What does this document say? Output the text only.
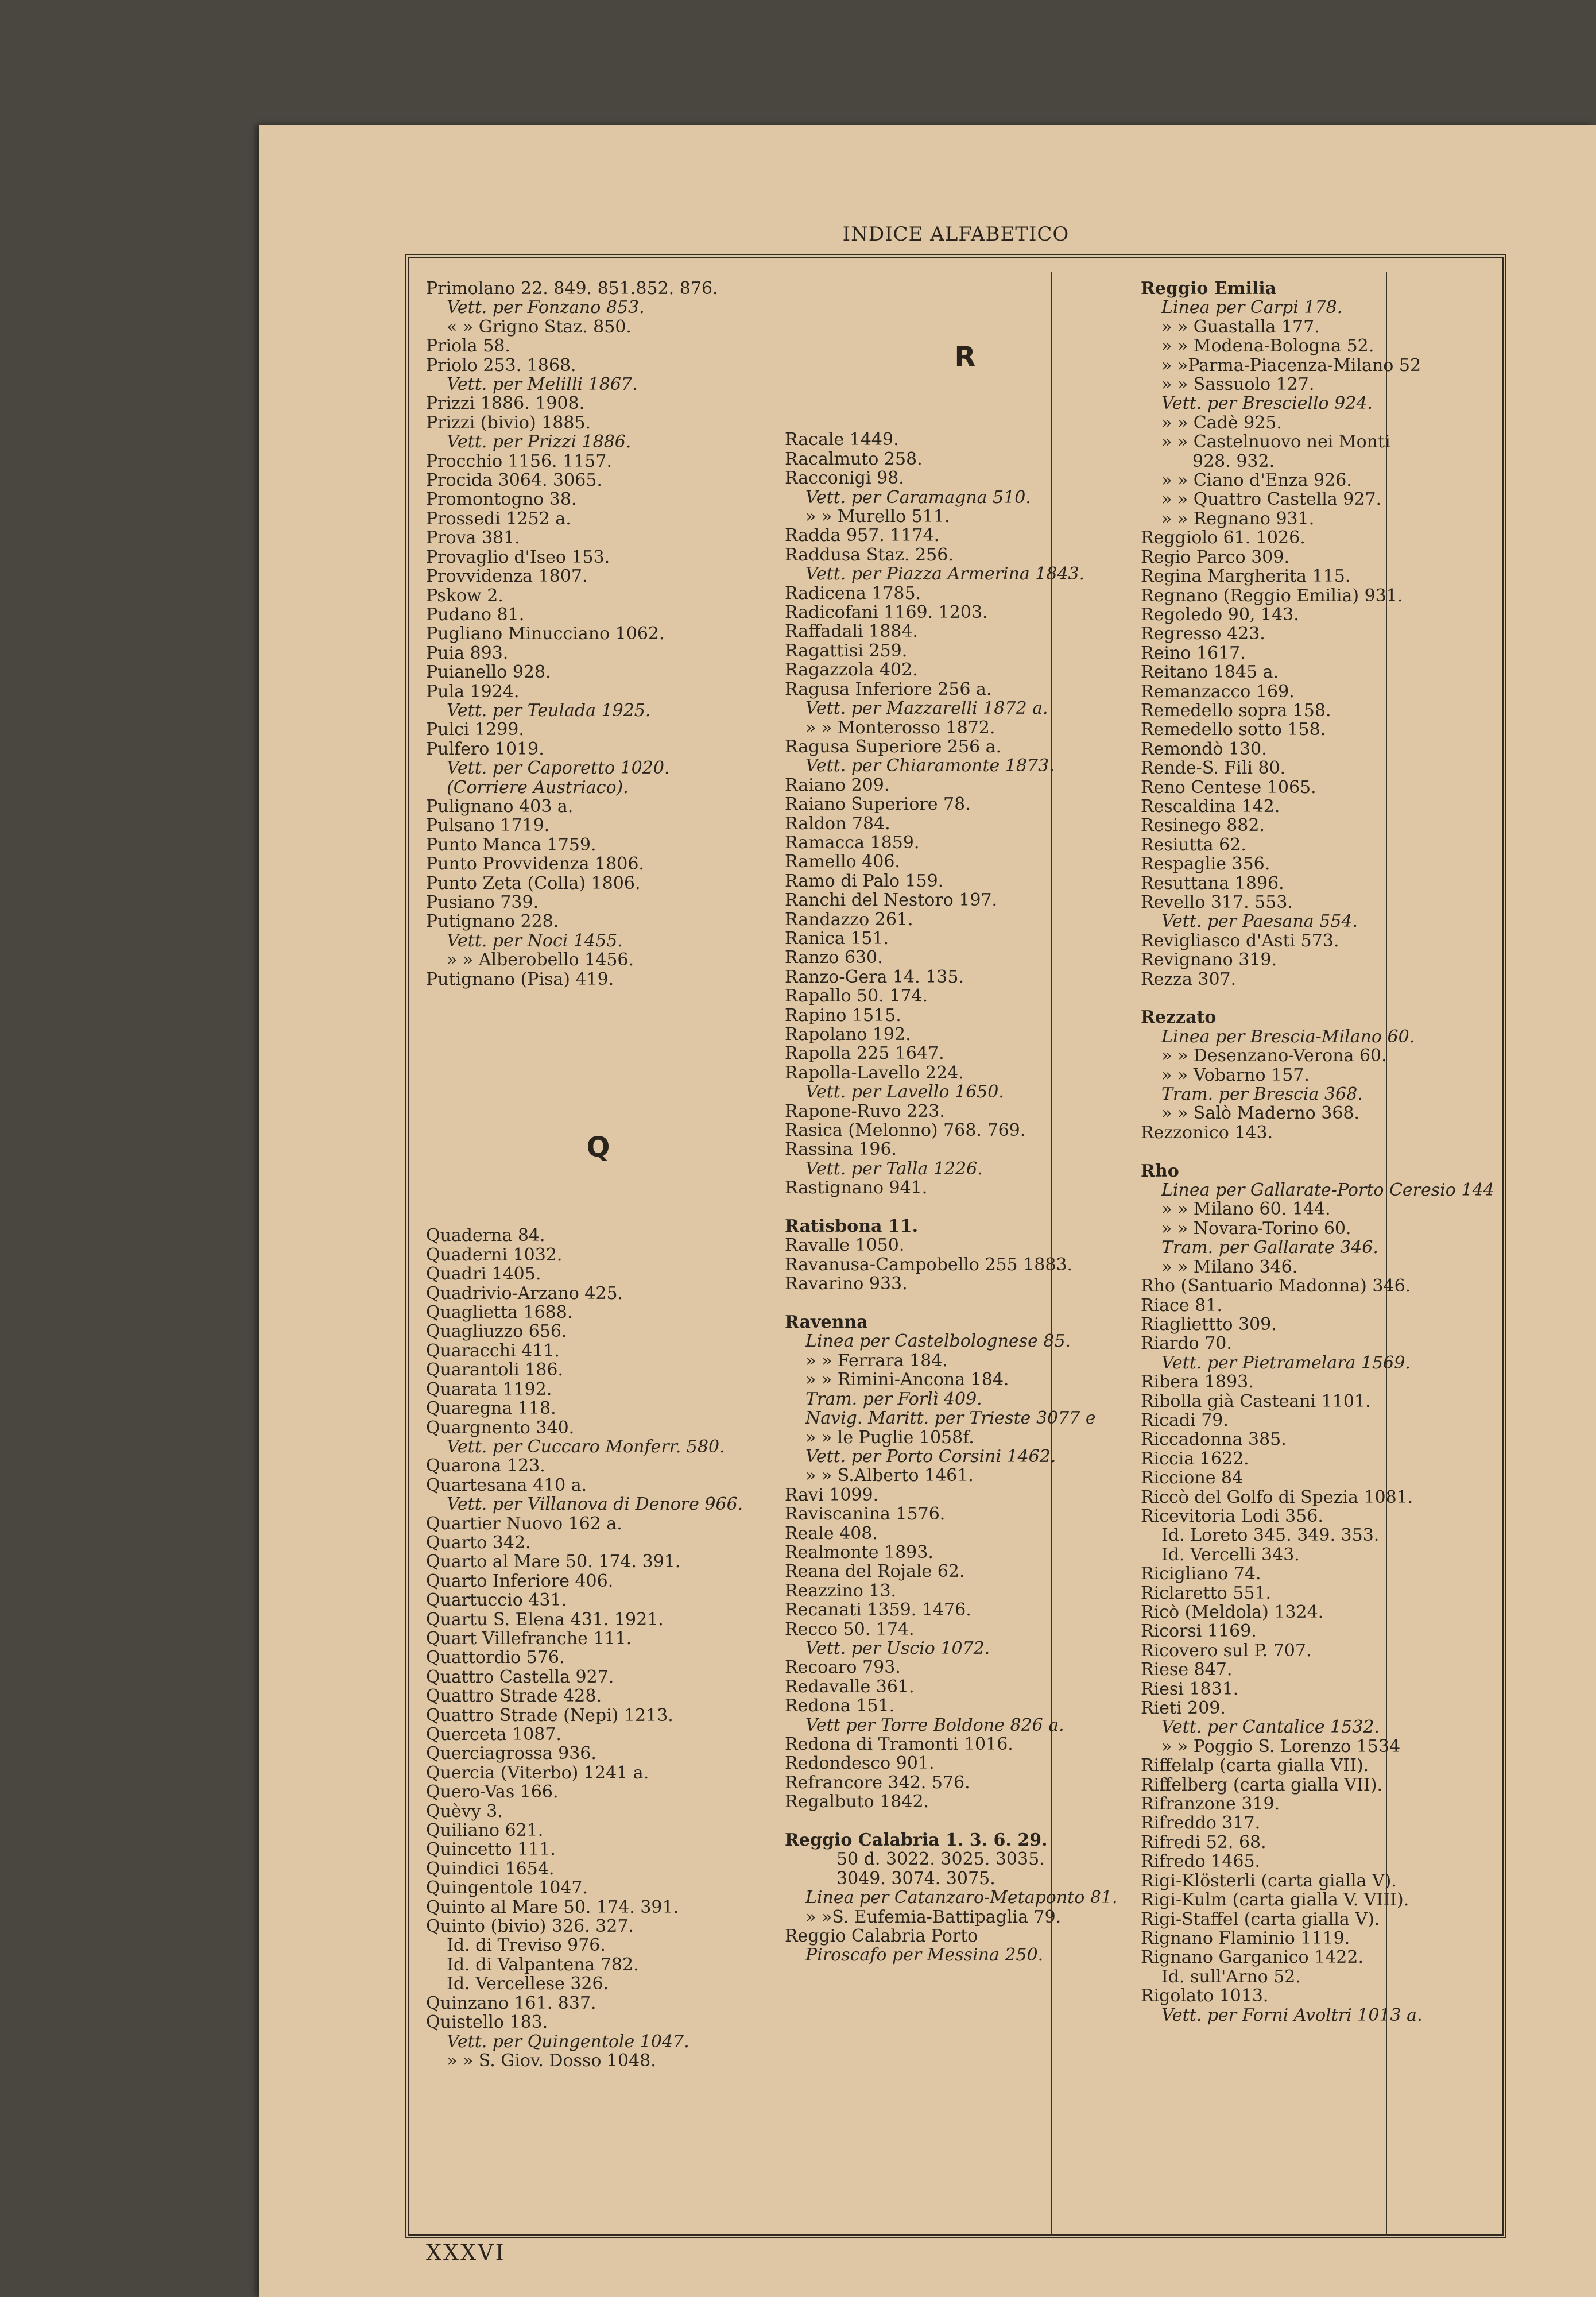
INDICE ALFABETICO
Primolano 22. 849. 851.852. 876.
Vett. per Fonzano 853.
« » Grigno Staz. 850.
Priola 58.
Priolo 253. 1868.
Vett. per Melilli 1867.
Prizzi 1886. 1908.
Prizzi (bivio) 1885.
Vett. per Prizzi 1886.
Procchio 1156. 1157.
Procida 3064. 3065.
Promontogno 38.
Prossedi 1252 a.
Prova 381.
Provaglio d'Iseo 153.
Provvidenza 1807.
Pskow 2.
Pudano 81.
Pugliano Minucciano 1062.
Puia 893.
Puianello 928.
Pula 1924.
Vett. per Teulada 1925.
Pulci 1299.
Pulfero 1019.
Vett. per Caporetto 1020.
(Corriere Austriaco).
Pulignano 403 a.
Pulsano 1719.
Punto Manca 1759.
Punto Provvidenza 1806.
Punto Zeta (Colla) 1806.
Pusiano 739.
Putignano 228.
Vett. per Noci 1455.
» » Alberobello 1456.
Putignano (Pisa) 419.
Q
Quaderna 84.
Quaderni 1032.
Quadri 1405.
Quadrivio-Arzano 425.
Quaglietta 1688.
Quagliuzzo 656.
Quaracchi 411.
Quarantoli 186.
Quarata 1192.
Quaregna 118.
Quargnento 340.
Vett. per Cuccaro Monferr. 580.
Quarona 123.
Quartesana 410 a.
Vett. per Villanova di Denore 966.
Quartier Nuovo 162 a.
Quarto 342.
Quarto al Mare 50. 174. 391.
Quarto Inferiore 406.
Quartuccio 431.
Quartu S. Elena 431. 1921.
Quart Villefranche 111.
Quattordio 576.
Quattro Castella 927.
Quattro Strade 428.
Quattro Strade (Nepi) 1213.
Querceta 1087.
Querciagrossa 936.
Quercia (Viterbo) 1241 a.
Quero-Vas 166.
Quèvy 3.
Quiliano 621.
Quincetto 111.
Quindici 1654.
Quingentole 1047.
Quinto al Mare 50. 174. 391.
Quinto (bivio) 326. 327.
Id. di Treviso 976.
Id. di Valpantena 782.
Id. Vercellese 326.
Quinzano 161. 837.
Quistello 183.
Vett. per Quingentole 1047.
» » S. Giov. Dosso 1048.
R
Racale 1449.
Racalmuto 258.
Racconigi 98.
Vett. per Caramagna 510.
» » Murello 511.
Radda 957. 1174.
Raddusa Staz. 256.
Vett. per Piazza Armerina 1843.
Radicena 1785.
Radicofani 1169. 1203.
Raffadali 1884.
Ragattisi 259.
Ragazzola 402.
Ragusa Inferiore 256 a.
Vett. per Mazzarelli 1872 a.
» » Monterosso 1872.
Ragusa Superiore 256 a.
Vett. per Chiaramonte 1873.
Raiano 209.
Raiano Superiore 78.
Raldon 784.
Ramacca 1859.
Ramello 406.
Ramo di Palo 159.
Ranchi del Nestoro 197.
Randazzo 261.
Ranica 151.
Ranzo 630.
Ranzo-Gera 14. 135.
Rapallo 50. 174.
Rapino 1515.
Rapolano 192.
Rapolla 225 1647.
Rapolla-Lavello 224.
Vett. per Lavello 1650.
Rapone-Ruvo 223.
Rasica (Melonno) 768. 769.
Rassina 196.
Vett. per Talla 1226.
Rastignano 941.
Ratisbona 11.
Ravalle 1050.
Ravanusa-Campobello 255 1883.
Ravarino 933.
Ravenna
Linea per Castelbolognese 85.
» » Ferrara 184.
» » Rimini-Ancona 184.
Tram. per Forlì 409.
Navig. Maritt. per Trieste 3077 e
» » le Puglie 1058f.
Vett. per Porto Corsini 1462.
» » S.Alberto 1461.
Ravi 1099.
Raviscanina 1576.
Reale 408.
Realmonte 1893.
Reana del Rojale 62.
Reazzino 13.
Recanati 1359. 1476.
Recco 50. 174.
Vett. per Uscio 1072.
Recoaro 793.
Redavalle 361.
Redona 151.
Vett per Torre Boldone 826 a.
Redona di Tramonti 1016.
Redondesco 901.
Refrancore 342. 576.
Regalbuto 1842.
Reggio Calabria 1. 3. 6. 29.
50 d. 3022. 3025. 3035.
3049. 3074. 3075.
Linea per Catanzaro-Metaponto 81.
» »S. Eufemia-Battipaglia 79.
Reggio Calabria Porto
Piroscafo per Messina 250.
Reggio Emilia
Linea per Carpi 178.
» » Guastalla 177.
» » Modena-Bologna 52.
» »Parma-Piacenza-Milano 52
» » Sassuolo 127.
Vett. per Bresciello 924.
» » Cadè 925.
» » Castelnuovo nei Monti
928. 932.
» » Ciano d'Enza 926.
» » Quattro Castella 927.
» » Regnano 931.
Reggiolo 61. 1026.
Regio Parco 309.
Regina Margherita 115.
Regnano (Reggio Emilia) 931.
Regoledo 90, 143.
Regresso 423.
Reino 1617.
Reitano 1845 a.
Remanzacco 169.
Remedello sopra 158.
Remedello sotto 158.
Remondò 130.
Rende-S. Fili 80.
Reno Centese 1065.
Rescaldina 142.
Resinego 882.
Resiutta 62.
Respaglie 356.
Resuttana 1896.
Revello 317. 553.
Vett. per Paesana 554.
Revigliasco d'Asti 573.
Revignano 319.
Rezza 307.
Rezzato
Linea per Brescia-Milano 60.
» » Desenzano-Verona 60.
» » Vobarno 157.
Tram. per Brescia 368.
» » Salò Maderno 368.
Rezzonico 143.
Rho
Linea per Gallarate-Porto Ceresio 144
» » Milano 60. 144.
» » Novara-Torino 60.
Tram. per Gallarate 346.
» » Milano 346.
Rho (Santuario Madonna) 346.
Riace 81.
Riagliettto 309.
Riardo 70.
Vett. per Pietramelara 1569.
Ribera 1893.
Ribolla già Casteani 1101.
Ricadi 79.
Riccadonna 385.
Riccia 1622.
Riccione 84
Riccò del Golfo di Spezia 1081.
Ricevitoria Lodi 356.
Id. Loreto 345. 349. 353.
Id. Vercelli 343.
Ricigliano 74.
Riclaretto 551.
Ricò (Meldola) 1324.
Ricorsi 1169.
Ricovero sul P. 707.
Riese 847.
Riesi 1831.
Rieti 209.
Vett. per Cantalice 1532.
» » Poggio S. Lorenzo 1534
Riffelalp (carta gialla VII).
Riffelberg (carta gialla VII).
Rifranzone 319.
Rifreddo 317.
Rifredi 52. 68.
Rifredo 1465.
Rigi-Klösterli (carta gialla V).
Rigi-Kulm (carta gialla V. VIII).
Rigi-Staffel (carta gialla V).
Rignano Flaminio 1119.
Rignano Garganico 1422.
Id. sull'Arno 52.
Rigolato 1013.
Vett. per Forni Avoltri 1013 a.
XXXVI
